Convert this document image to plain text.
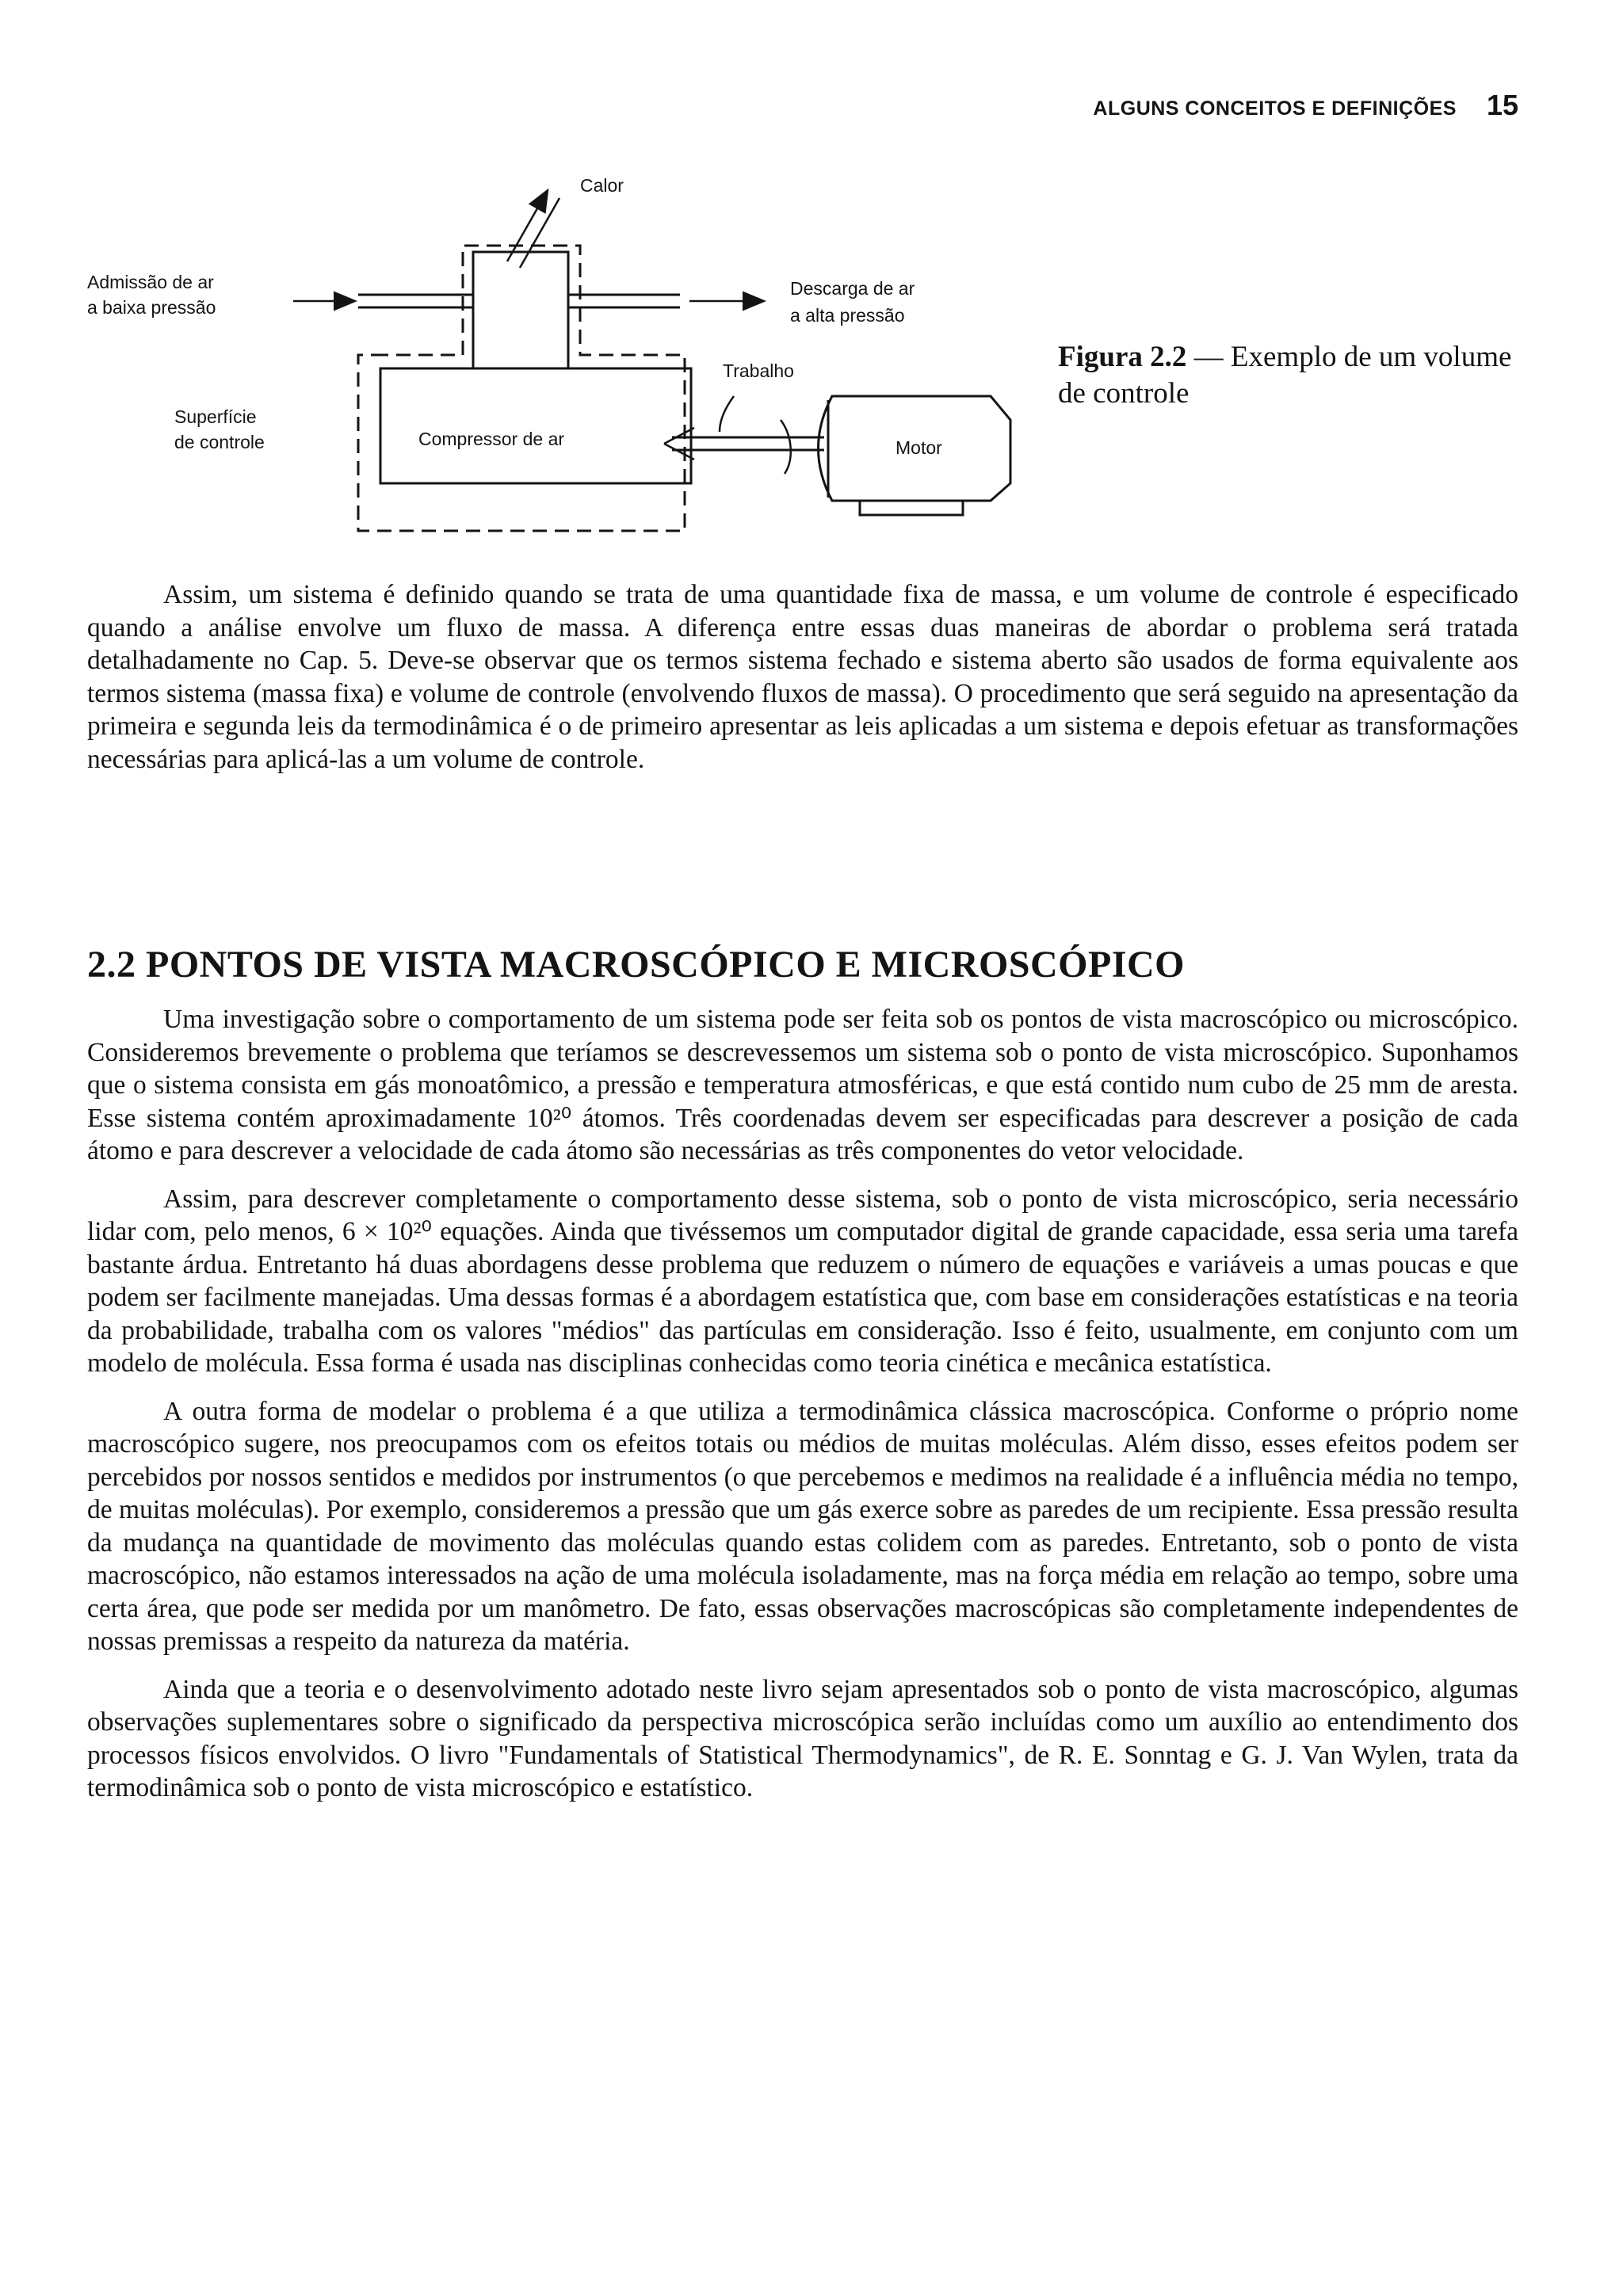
ALGUNS CONCEITOS E DEFINIÇÕES 15
Calor
Admissão de ar
a baixa pressão
Descarga de ar
a alta pressão
Trabalho
Superfície
de controle	Compressor de ar	Motor
Figura 2.2 — Exemplo de um volume de controle

Assim, um sistema é definido quando se trata de uma quantidade fixa de massa, e um volume de controle é especificado quando a análise envolve um fluxo de massa. A diferença entre essas duas maneiras de abordar o problema será tratada detalhadamente no Cap. 5. Deve-se observar que os termos sistema fechado e sistema aberto são usados de forma equivalente aos termos sistema (massa fixa) e volume de controle (envolvendo fluxos de massa). O procedimento que será seguido na apresentação da primeira e segunda leis da termodinâmica é o de primeiro apresentar as leis aplicadas a um sistema e depois efetuar as transformações necessárias para aplicá-las a um volume de controle.

2.2 PONTOS DE VISTA MACROSCÓPICO E MICROSCÓPICO

Uma investigação sobre o comportamento de um sistema pode ser feita sob os pontos de vista macroscópico ou microscópico. Consideremos brevemente o problema que teríamos se descrevessemos um sistema sob o ponto de vista microscópico. Suponhamos que o sistema consista em gás monoatômico, a pressão e temperatura atmosféricas, e que está contido num cubo de 25 mm de aresta. Esse sistema contém aproximadamente 10²⁰ átomos. Três coordenadas devem ser especificadas para descrever a posição de cada átomo e para descrever a velocidade de cada átomo são necessárias as três componentes do vetor velocidade.

Assim, para descrever completamente o comportamento desse sistema, sob o ponto de vista microscópico, seria necessário lidar com, pelo menos, 6 × 10²⁰ equações. Ainda que tivéssemos um computador digital de grande capacidade, essa seria uma tarefa bastante árdua. Entretanto há duas abordagens desse problema que reduzem o número de equações e variáveis a umas poucas e que podem ser facilmente manejadas. Uma dessas formas é a abordagem estatística que, com base em considerações estatísticas e na teoria da probabilidade, trabalha com os valores "médios" das partículas em consideração. Isso é feito, usualmente, em conjunto com um modelo de molécula. Essa forma é usada nas disciplinas conhecidas como teoria cinética e mecânica estatística.

A outra forma de modelar o problema é a que utiliza a termodinâmica clássica macroscópica. Conforme o próprio nome macroscópico sugere, nos preocupamos com os efeitos totais ou médios de muitas moléculas. Além disso, esses efeitos podem ser percebidos por nossos sentidos e medidos por instrumentos (o que percebemos e medimos na realidade é a influência média no tempo, de muitas moléculas). Por exemplo, consideremos a pressão que um gás exerce sobre as paredes de um recipiente. Essa pressão resulta da mudança na quantidade de movimento das moléculas quando estas colidem com as paredes. Entretanto, sob o ponto de vista macroscópico, não estamos interessados na ação de uma molécula isoladamente, mas na força média em relação ao tempo, sobre uma certa área, que pode ser medida por um manômetro. De fato, essas observações macroscópicas são completamente independentes de nossas premissas a respeito da natureza da matéria.

Ainda que a teoria e o desenvolvimento adotado neste livro sejam apresentados sob o ponto de vista macroscópico, algumas observações suplementares sobre o significado da perspectiva microscópica serão incluídas como um auxílio ao entendimento dos processos físicos envolvidos. O livro "Fundamentals of Statistical Thermodynamics", de R. E. Sonntag e G. J. Van Wylen, trata da termodinâmica sob o ponto de vista microscópico e estatístico.
